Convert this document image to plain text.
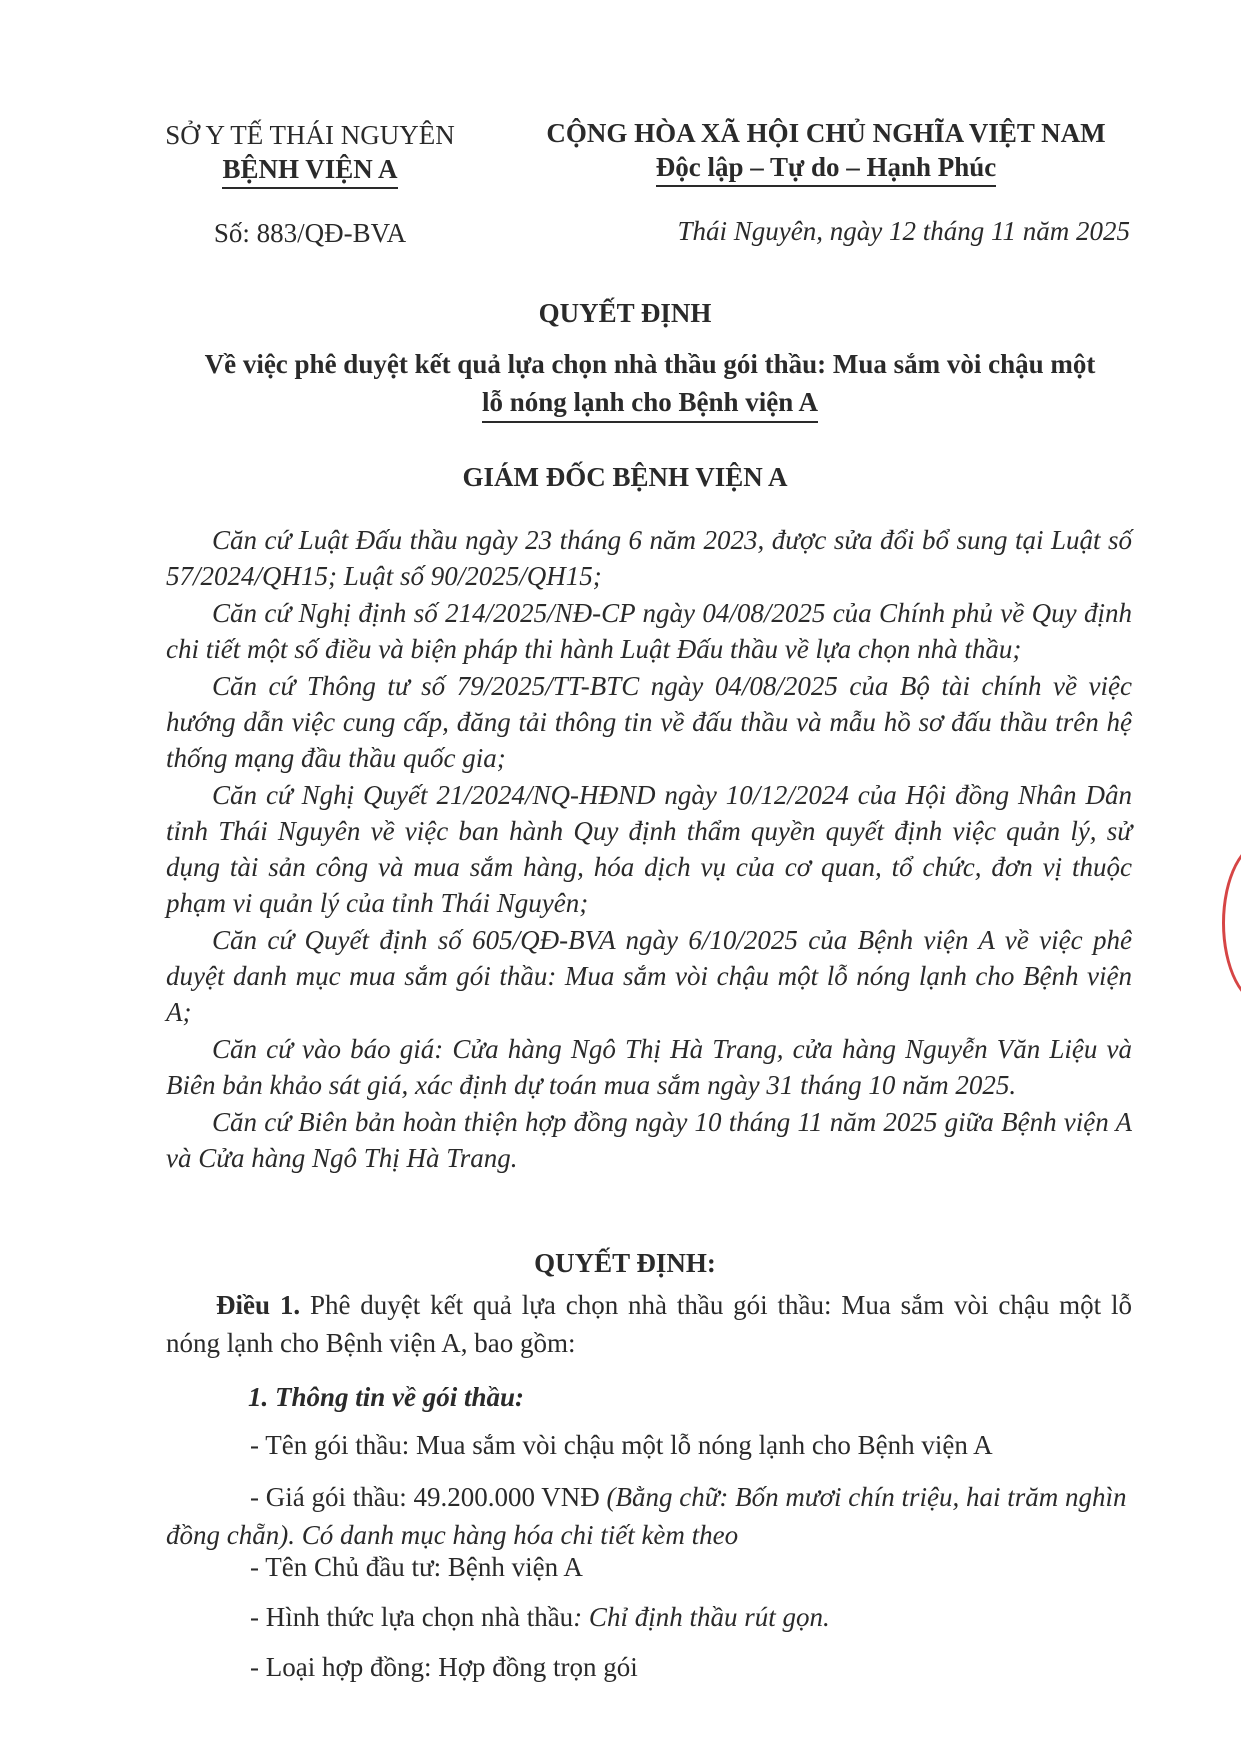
SỞ Y TẾ THÁI NGUYÊN
BỆNH VIỆN A
CỘNG HÒA XÃ HỘI CHỦ NGHĨA VIỆT NAM
Độc lập – Tự do – Hạnh Phúc
Số: 883/QĐ-BVA	Thái Nguyên, ngày 12 tháng 11 năm 2025
QUYẾT ĐỊNH
Về việc phê duyệt kết quả lựa chọn nhà thầu gói thầu: Mua sắm vòi chậu một
lỗ nóng lạnh cho Bệnh viện A
GIÁM ĐỐC BỆNH VIỆN A

Căn cứ Luật Đấu thầu ngày 23 tháng 6 năm 2023, được sửa đổi bổ sung tại Luật số 57/2024/QH15; Luật số 90/2025/QH15;

Căn cứ Nghị định số 214/2025/NĐ-CP ngày 04/08/2025 của Chính phủ về Quy định chi tiết một số điều và biện pháp thi hành Luật Đấu thầu về lựa chọn nhà thầu;

Căn cứ Thông tư số 79/2025/TT-BTC ngày 04/08/2025 của Bộ tài chính về việc hướng dẫn việc cung cấp, đăng tải thông tin về đấu thầu và mẫu hồ sơ đấu thầu trên hệ thống mạng đầu thầu quốc gia;

Căn cứ Nghị Quyết 21/2024/NQ-HĐND ngày 10/12/2024 của Hội đồng Nhân Dân tỉnh Thái Nguyên về việc ban hành Quy định thẩm quyền quyết định việc quản lý, sử dụng tài sản công và mua sắm hàng, hóa dịch vụ của cơ quan, tổ chức, đơn vị thuộc phạm vi quản lý của tỉnh Thái Nguyên;

Căn cứ Quyết định số 605/QĐ-BVA ngày 6/10/2025 của Bệnh viện A về việc phê duyệt danh mục mua sắm gói thầu: Mua sắm vòi chậu một lỗ nóng lạnh cho Bệnh viện A;

Căn cứ vào báo giá: Cửa hàng Ngô Thị Hà Trang, cửa hàng Nguyễn Văn Liệu và Biên bản khảo sát giá, xác định dự toán mua sắm ngày 31 tháng 10 năm 2025.

Căn cứ Biên bản hoàn thiện hợp đồng ngày 10 tháng 11 năm 2025 giữa Bệnh viện A và Cửa hàng Ngô Thị Hà Trang.

QUYẾT ĐỊNH:
Điều 1. Phê duyệt kết quả lựa chọn nhà thầu gói thầu: Mua sắm vòi chậu một lỗ nóng lạnh cho Bệnh viện A, bao gồm:
1. Thông tin về gói thầu:
- Tên gói thầu: Mua sắm vòi chậu một lỗ nóng lạnh cho Bệnh viện A
- Giá gói thầu: 49.200.000 VNĐ (Bằng chữ: Bốn mươi chín triệu, hai trăm nghìn đồng chẵn). Có danh mục hàng hóa chi tiết kèm theo
- Tên Chủ đầu tư: Bệnh viện A
- Hình thức lựa chọn nhà thầu: Chỉ định thầu rút gọn.
- Loại hợp đồng: Hợp đồng trọn gói
